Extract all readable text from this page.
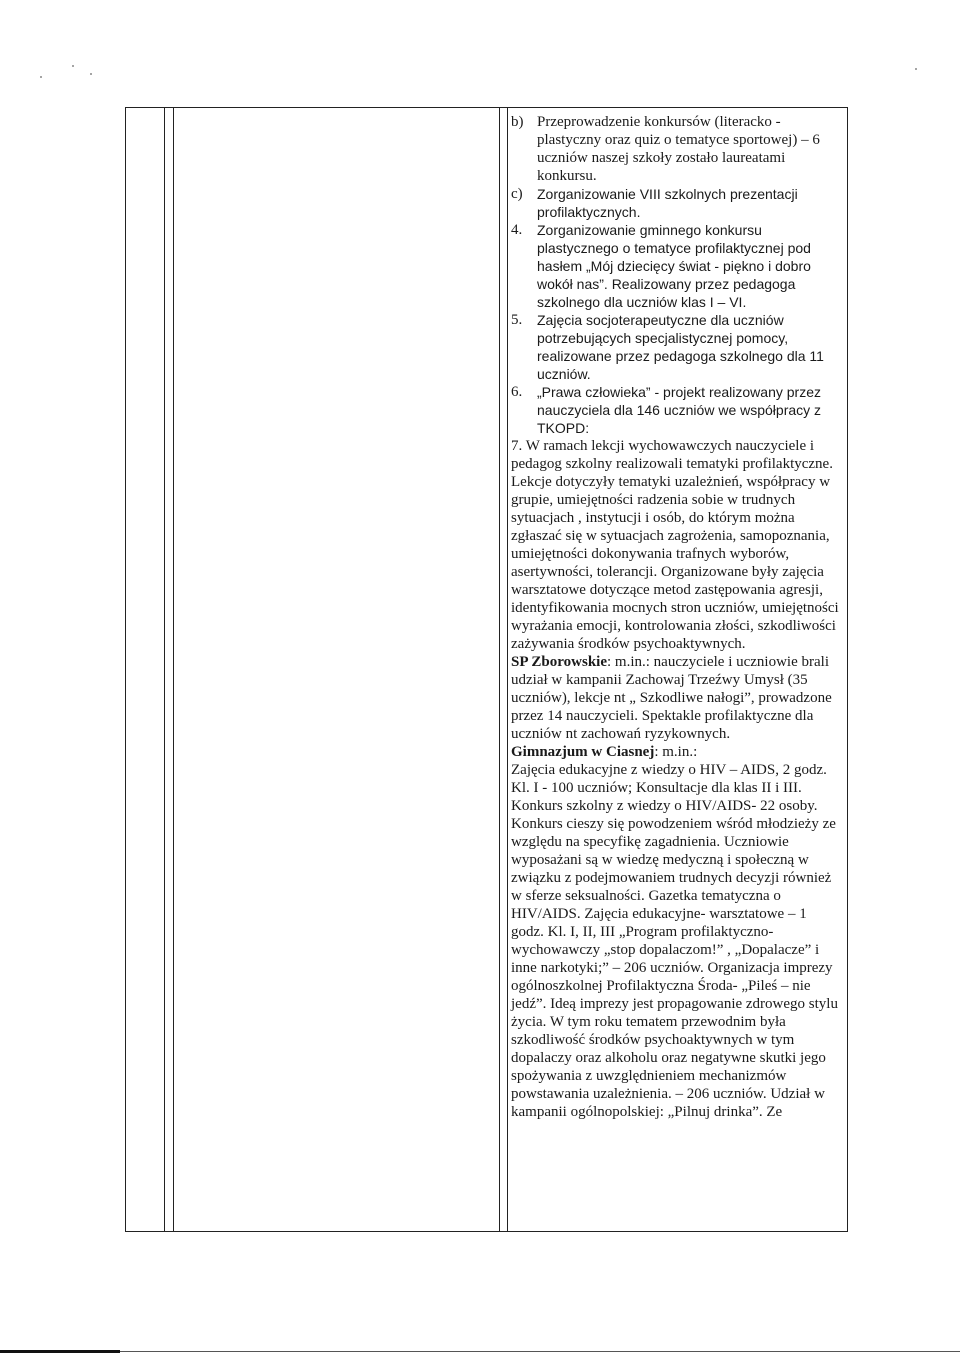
b) Przeprowadzenie konkursów (literacko - plastyczny oraz quiz o tematyce sportowej) – 6 uczniów naszej szkoły zostało laureatami konkursu.
c)	Zorganizowanie VIII szkolnych prezentacji profilaktycznych.
4.	Zorganizowanie gminnego konkursu plastycznego o tematyce profilaktycznej pod hasłem „Mój dziecięcy świat - piękno i dobro wokół nas”. Realizowany przez pedagoga szkolnego dla uczniów klas I – VI.
5.	Zajęcia socjoterapeutyczne dla uczniów potrzebujących specjalistycznej pomocy, realizowane przez pedagoga szkolnego dla 11 uczniów.
6.	„Prawa człowieka” - projekt realizowany przez nauczyciela dla 146 uczniów we współpracy z TKOPD:

7. W ramach lekcji wychowawczych nauczyciele i pedagog szkolny realizowali tematyki profilaktyczne. Lekcje dotyczyły tematyki uzależnień, współpracy w grupie, umiejętności radzenia sobie w trudnych sytuacjach , instytucji i osób, do którym można zgłaszać się w sytuacjach zagrożenia, samopoznania, umiejętności dokonywania trafnych wyborów, asertywności, tolerancji. Organizowane były zajęcia warsztatowe dotyczące metod zastępowania agresji, identyfikowania mocnych stron uczniów, umiejętności wyrażania emocji, kontrolowania złości, szkodliwości zażywania środków psychoaktywnych.

SP Zborowskie: m.in.: nauczyciele i uczniowie brali udział w kampanii Zachowaj Trzeźwy Umysł (35 uczniów), lekcje nt „ Szkodliwe nałogi”, prowadzone przez 14 nauczycieli. Spektakle profilaktyczne dla uczniów nt zachowań ryzykownych.

Gimnazjum w Ciasnej: m.in.:

Zajęcia edukacyjne z wiedzy o HIV – AIDS, 2 godz. Kl. I - 100 uczniów; Konsultacje dla klas II i III. Konkurs szkolny z wiedzy o HIV/AIDS- 22 osoby. Konkurs cieszy się powodzeniem wśród młodzieży ze względu na specyfikę zagadnienia. Uczniowie wyposażani są w wiedzę medyczną i społeczną w związku z podejmowaniem trudnych decyzji również w sferze seksualności. Gazetka tematyczna o HIV/AIDS. Zajęcia edukacyjne- warsztatowe – 1 godz. Kl. I, II, III „Program profilaktyczno-wychowawczy „stop dopalaczom!” , „Dopalacze” i inne narkotyki;” – 206 uczniów. Organizacja imprezy ogólnoszkolnej Profilaktyczna Środa- „Pileś – nie jedź”. Ideą imprezy jest propagowanie zdrowego stylu życia. W tym roku tematem przewodnim była szkodliwość środków psychoaktywnych w tym dopalaczy oraz alkoholu oraz negatywne skutki jego spożywania z uwzględnieniem mechanizmów powstawania uzależnienia. – 206 uczniów. Udział w kampanii ogólnopolskiej: „Pilnuj drinka”. Ze
